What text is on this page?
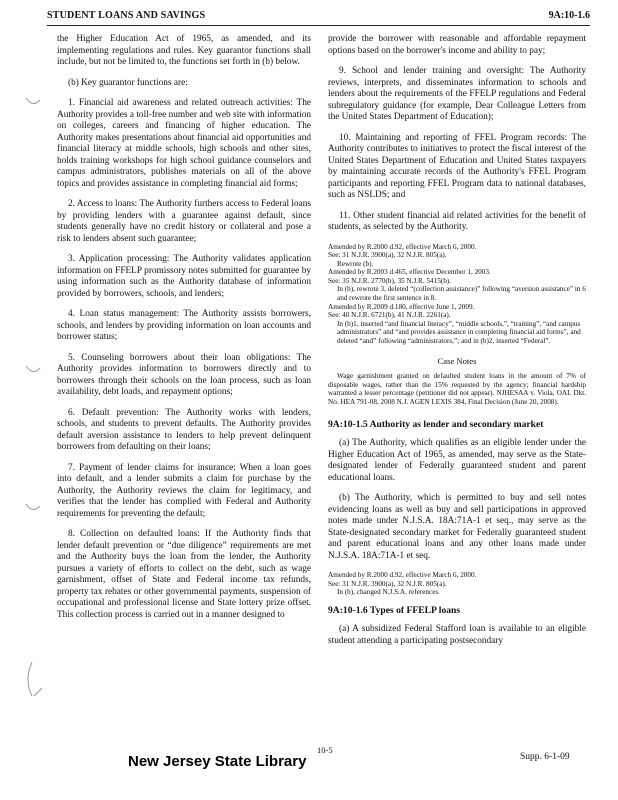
STUDENT LOANS AND SAVINGS	9A:10-1.6

the Higher Education Act of 1965, as amended, and its implementing regulations and rules. Key guarantor functions shall include, but not be limited to, the functions set forth in (b) below.

(b) Key guarantor functions are:

1. Financial aid awareness and related outreach activities: The Authority provides a toll-free number and web site with information on colleges, careers and financing of higher education. The Authority makes presentations about financial aid opportunities and financial literacy at middle schools, high schools and other sites, holds training workshops for high school guidance counselors and campus administrators, publishes materials on all of the above topics and provides assistance in completing financial aid forms;

2. Access to loans: The Authority furthers access to Federal loans by providing lenders with a guarantee against default, since students generally have no credit history or collateral and pose a risk to lenders absent such guarantee;

3. Application processing: The Authority validates application information on FFELP promissory notes submitted for guarantee by using information such as the Authority database of information provided by borrowers, schools, and lenders;

4. Loan status management: The Authority assists borrowers, schools, and lenders by providing information on loan accounts and borrower status;

5. Counseling borrowers about their loan obligations: The Authority provides information to borrowers directly and to borrowers through their schools on the loan process, such as loan availability, debt loads, and repayment options;

6. Default prevention: The Authority works with lenders, schools, and students to prevent defaults. The Authority provides default aversion assistance to lenders to help prevent delinquent borrowers from defaulting on their loans;

7. Payment of lender claims for insurance: When a loan goes into default, and a lender submits a claim for purchase by the Authority, the Authority reviews the claim for legitimacy, and verifies that the lender has complied with Federal and Authority requirements for preventing the default;

8. Collection on defaulted loans: If the Authority finds that lender default prevention or “due diligence” requirements are met and the Authority buys the loan from the lender, the Authority pursues a variety of efforts to collect on the debt, such as wage garnishment, offset of State and Federal income tax refunds, property tax rebates or other governmental payments, suspension of occupational and professional license and State lottery prize offset. This collection process is carried out in a manner designed to

provide the borrower with reasonable and affordable repayment options based on the borrower's income and ability to pay;

9. School and lender training and oversight: The Authority reviews, interprets, and disseminates information to schools and lenders about the requirements of the FFELP regulations and Federal subregulatory guidance (for example, Dear Colleague Letters from the United States Department of Education);

10. Maintaining and reporting of FFEL Program records: The Authority contributes to initiatives to protect the fiscal interest of the United States Department of Education and United States taxpayers by maintaining accurate records of the Authority's FFEL Program participants and reporting FFEL Program data to national databases, such as NSLDS; and

11. Other student financial aid related activities for the benefit of students, as selected by the Authority.

Amended by R.2000 d.92, effective March 6, 2000.
See: 31 N.J.R. 3900(a), 32 N.J.R. 805(a).
Rewrote (b).
Amended by R.2003 d.465, effective December 1, 2003.
See: 35 N.J.R. 2770(b), 35 N.J.R. 5415(b).
In (b), rewrote 3, deleted “(collection assistance)” following “aversion assistance” in 6 and rewrote the first sentence in 8.
Amended by R.2009 d.180, effective June 1, 2009.
See: 40 N.J.R. 6721(b), 41 N.J.R. 2261(a).
In (b)1, inserted “and financial literacy”, “middle schools,”, “training”, “and campus administrators” and “and provides assistance in completing financial aid forms”, and deleted “and” following “administrators,”; and in (b)2, inserted “Federal”.
Case Notes
Wage garnishment granted on defaulted student loans in the amount of 7% of disposable wages, rather than the 15% requested by the agency; financial hardship warranted a lesser percentage (petitioner did not appear). NJHESAA v. Viola, OAL Dkt. No. HEA 791-08, 2008 N.J. AGEN LEXIS 384, Final Decision (June 20, 2008).
9A:10-1.5 Authority as lender and secondary market

(a) The Authority, which qualifies as an eligible lender under the Higher Education Act of 1965, as amended, may serve as the State-designated lender of Federally guaranteed student and parent educational loans.

(b) The Authority, which is permitted to buy and sell notes evidencing loans as well as buy and sell participations in approved notes made under N.J.S.A. 18A:71A-1 et seq., may serve as the State-designated secondary market for Federally guaranteed student and parent educational loans and any other loans made under N.J.S.A. 18A:71A-1 et seq.

Amended by R.2000 d.92, effective March 6, 2000.
See: 31 N.J.R. 3900(a), 32 N.J.R. 805(a).
In (b), changed N.J.S.A. references.
9A:10-1.6 Types of FFELP loans

(a) A subsidized Federal Stafford loan is available to an eligible student attending a participating postsecondary

10-5
New Jersey State Library	Supp. 6-1-09
